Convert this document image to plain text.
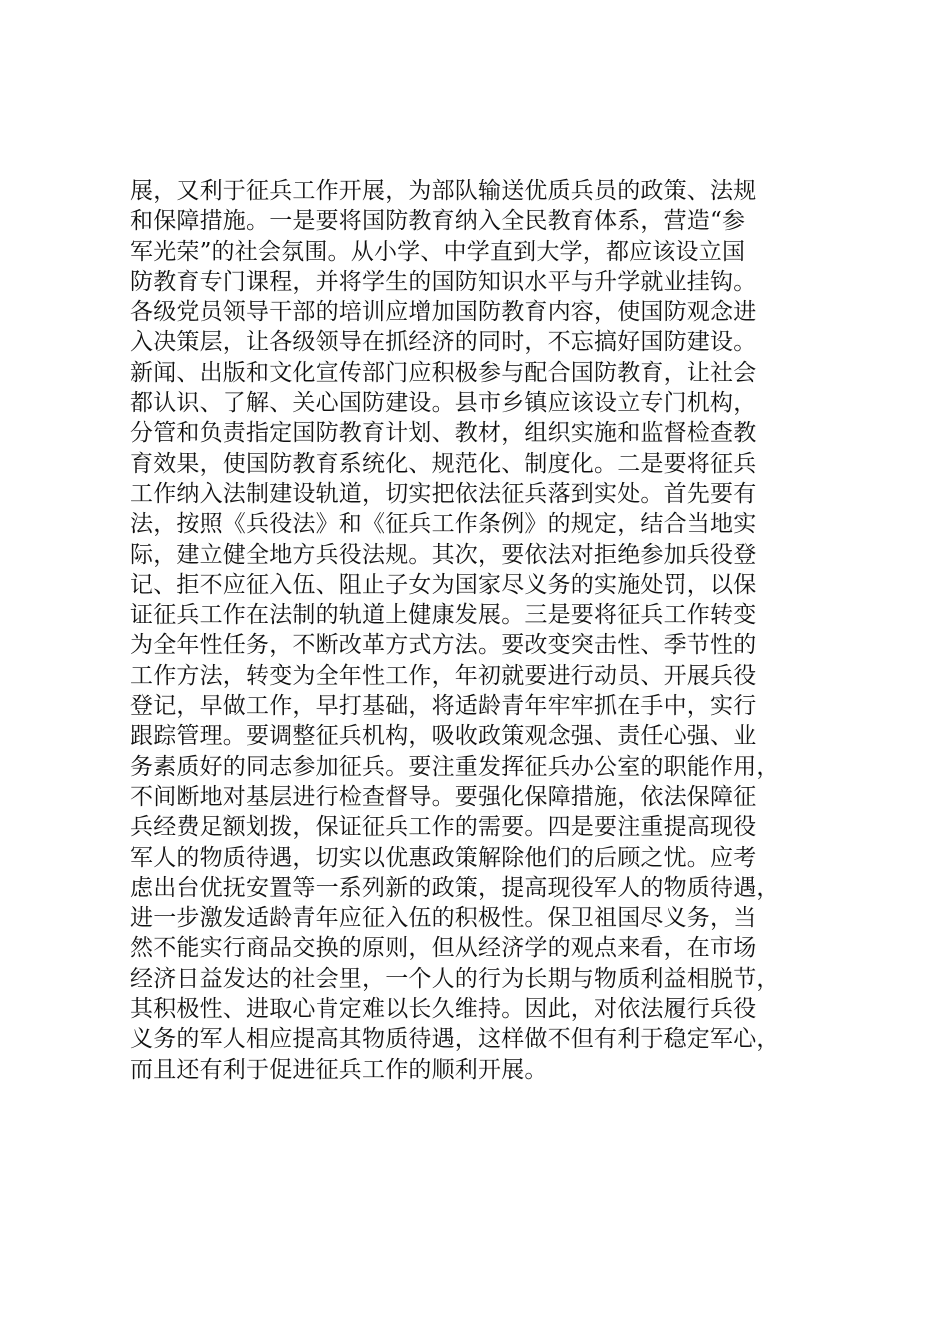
展，又利于征兵工作开展，为部队输送优质兵员的政策、法规
和保障措施。一是要将国防教育纳入全民教育体系，营造“参
军光荣”的社会氛围。从小学、中学直到大学，都应该设立国
防教育专门课程，并将学生的国防知识水平与升学就业挂钩。
各级党员领导干部的培训应增加国防教育内容，使国防观念进
入决策层，让各级领导在抓经济的同时，不忘搞好国防建设。
新闻、出版和文化宣传部门应积极参与配合国防教育，让社会
都认识、了解、关心国防建设。县市乡镇应该设立专门机构，
分管和负责指定国防教育计划、教材，组织实施和监督检查教
育效果，使国防教育系统化、规范化、制度化。二是要将征兵
工作纳入法制建设轨道，切实把依法征兵落到实处。首先要有
法，按照《兵役法》和《征兵工作条例》的规定，结合当地实
际，建立健全地方兵役法规。其次，要依法对拒绝参加兵役登
记、拒不应征入伍、阻止子女为国家尽义务的实施处罚，以保
证征兵工作在法制的轨道上健康发展。三是要将征兵工作转变
为全年性任务，不断改革方式方法。要改变突击性、季节性的
工作方法，转变为全年性工作，年初就要进行动员、开展兵役
登记，早做工作，早打基础，将适龄青年牢牢抓在手中，实行
跟踪管理。要调整征兵机构，吸收政策观念强、责任心强、业
务素质好的同志参加征兵。要注重发挥征兵办公室的职能作用，
不间断地对基层进行检查督导。要强化保障措施，依法保障征
兵经费足额划拨，保证征兵工作的需要。四是要注重提高现役
军人的物质待遇，切实以优惠政策解除他们的后顾之忧。应考
虑出台优抚安置等一系列新的政策，提高现役军人的物质待遇，
进一步激发适龄青年应征入伍的积极性。保卫祖国尽义务，当
然不能实行商品交换的原则，但从经济学的观点来看，在市场
经济日益发达的社会里，一个人的行为长期与物质利益相脱节，
其积极性、进取心肯定难以长久维持。因此，对依法履行兵役
义务的军人相应提高其物质待遇，这样做不但有利于稳定军心，
而且还有利于促进征兵工作的顺利开展。
